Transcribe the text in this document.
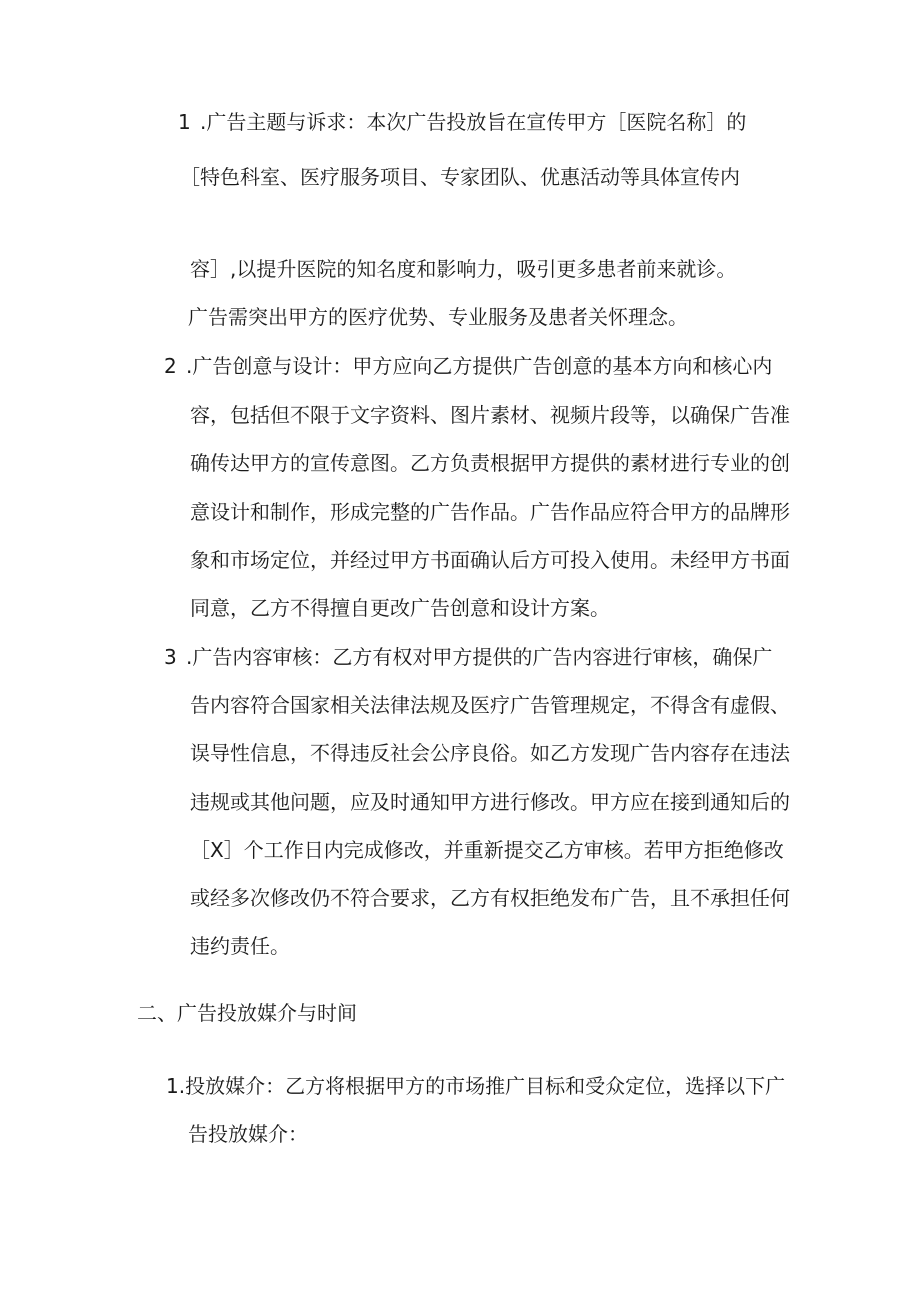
1 .广告主题与诉求：本次广告投放旨在宣传甲方［医院名称］的
［特色科室、医疗服务项目、专家团队、优惠活动等具体宣传内
容］,以提升医院的知名度和影响力，吸引更多患者前来就诊。
广告需突出甲方的医疗优势、专业服务及患者关怀理念。
2 .广告创意与设计：甲方应向乙方提供广告创意的基本方向和核心内
容，包括但不限于文字资料、图片素材、视频片段等，以确保广告准
确传达甲方的宣传意图。乙方负责根据甲方提供的素材进行专业的创
意设计和制作，形成完整的广告作品。广告作品应符合甲方的品牌形
象和市场定位，并经过甲方书面确认后方可投入使用。未经甲方书面
同意，乙方不得擅自更改广告创意和设计方案。
3 .广告内容审核：乙方有权对甲方提供的广告内容进行审核，确保广
告内容符合国家相关法律法规及医疗广告管理规定，不得含有虚假、
误导性信息，不得违反社会公序良俗。如乙方发现广告内容存在违法
违规或其他问题，应及时通知甲方进行修改。甲方应在接到通知后的
［X］个工作日内完成修改，并重新提交乙方审核。若甲方拒绝修改
或经多次修改仍不符合要求，乙方有权拒绝发布广告，且不承担任何
违约责任。
二、广告投放媒介与时间
1.投放媒介：乙方将根据甲方的市场推广目标和受众定位，选择以下广
告投放媒介：
